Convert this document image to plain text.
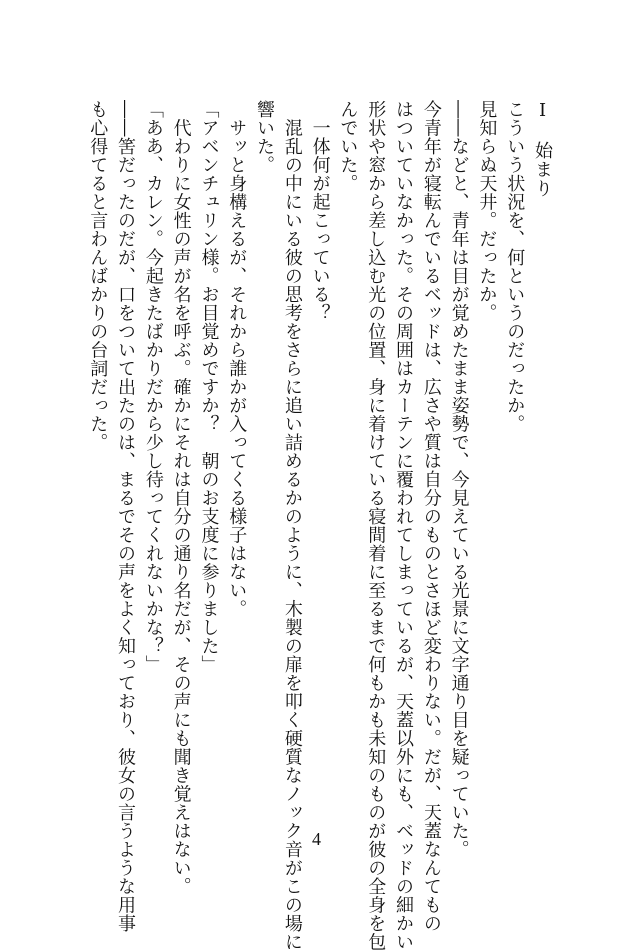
Ⅰ　始まり

こういう状況を、何というのだったか。

見知らぬ天井。だったか。

――などと、青年は目が覚めたまま姿勢で、今見えている光景に文字通り目を疑っていた。

今青年が寝転んでいるベッドは、広さや質は自分のものとさほど変わりない。だが、天蓋なんてもの

はついていなかった。その周囲はカーテンに覆われてしまっているが、天蓋以外にも、ベッドの細かい

形状や窓から差し込む光の位置、身に着けている寝間着に至るまで何もかも未知のものが彼の全身を包

んでいた。

　一体何が起こっている？

　混乱の中にいる彼の思考をさらに追い詰めるかのように、木製の扉を叩く硬質なノック音がこの場に

響いた。

　サッと身構えるが、それから誰かが入ってくる様子はない。

「アベンチュリン様。お目覚めですか？　朝のお支度に参りました」

　代わりに女性の声が名を呼ぶ。確かにそれは自分の通り名だが、その声にも聞き覚えはない。

「ああ、カレン。今起きたばかりだから少し待ってくれないかな？」

――筈だったのだが、口をついて出たのは、まるでその声をよく知っており、彼女の言うような用事

も心得てると言わんばかりの台詞だった。

4
